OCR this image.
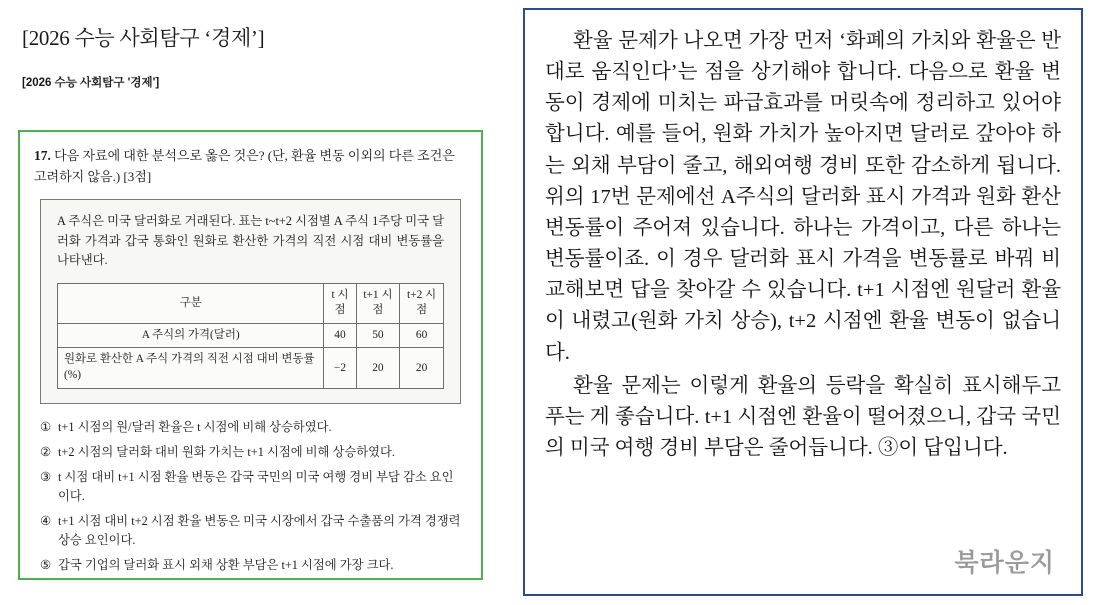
[2026 수능 사회탐구 ‘경제’]
[2026 수능 사회탐구 '경제']
17. 다음 자료에 대한 분석으로 옳은 것은? (단, 환율 변동 이외의 다른 조건은 고려하지 않음.) [3점]

A 주식은 미국 달러화로 거래된다. 표는 t~t+2 시점별 A 주식 1주당 미국 달러화 가격과 갑국 통화인 원화로 환산한 가격의 직전 시점 대비 변동률을 나타낸다.

구분	t 시점	t+1 시점	t+2 시점
A 주식의 가격(달러)	40	50	60
원화로 환산한 A 주식 가격의 직전 시점 대비 변동률(%)	−2	20	20
① t+1 시점의 원/달러 환율은 t 시점에 비해 상승하였다.
② t+2 시점의 달러화 대비 원화 가치는 t+1 시점에 비해 상승하였다.
③ t 시점 대비 t+1 시점 환율 변동은 갑국 국민의 미국 여행 경비 부담 감소 요인이다.
④ t+1 시점 대비 t+2 시점 환율 변동은 미국 시장에서 갑국 수출품의 가격 경쟁력 상승 요인이다.
⑤ 갑국 기업의 달러화 표시 외채 상환 부담은 t+1 시점에 가장 크다.

환율 문제가 나오면 가장 먼저 ‘화폐의 가치와 환율은 반대로 움직인다’는 점을 상기해야 합니다. 다음으로 환율 변동이 경제에 미치는 파급효과를 머릿속에 정리하고 있어야 합니다. 예를 들어, 원화 가치가 높아지면 달러로 갚아야 하는 외채 부담이 줄고, 해외여행 경비 또한 감소하게 됩니다. 위의 17번 문제에선 A주식의 달러화 표시 가격과 원화 환산 변동률이 주어져 있습니다. 하나는 가격이고, 다른 하나는 변동률이죠. 이 경우 달러화 표시 가격을 변동률로 바꿔 비교해보면 답을 찾아갈 수 있습니다. t+1 시점엔 원달러 환율이 내렸고(원화 가치 상승), t+2 시점엔 환율 변동이 없습니다.

환율 문제는 이렇게 환율의 등락을 확실히 표시해두고 푸는 게 좋습니다. t+1 시점엔 환율이 떨어졌으니, 갑국 국민의 미국 여행 경비 부담은 줄어듭니다. ③이 답입니다.

북라운지
